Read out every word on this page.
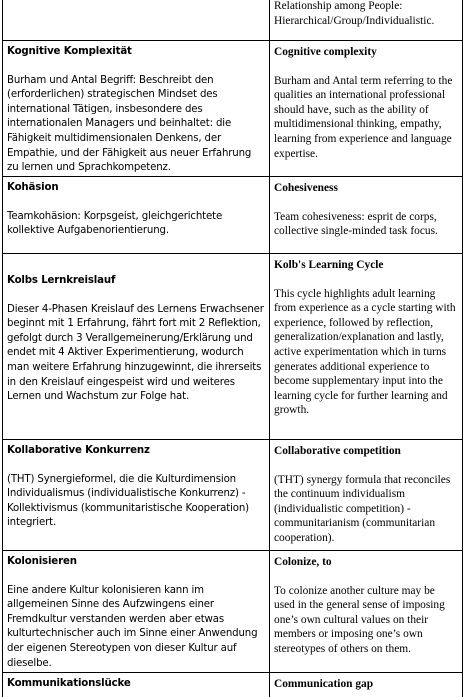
Relationship among People:
Hierarchical/Group/Individualistic.
Kognitive Komplexität
Burham und Antal Begriff: Beschreibt den (erforderlichen) strategischen Mindset des international Tätigen, insbesondere des internationalen Managers und beinhaltet: die Fähigkeit multidimensionalen Denkens, der Empathie, und der Fähigkeit aus neuer Erfahrung zu lernen und Sprachkompetenz.
Cognitive complexity
Burham and Antal term referring to the qualities an international professional should have, such as the ability of multidimensional thinking, empathy, learning from experience and language expertise.
Kohäsion
Teamkohäsion: Korpsgeist, gleichgerichtete kollektive Aufgabenorientierung.
Cohesiveness
Team cohesiveness: esprit de corps, collective single-minded task focus.
Kolbs Lernkreislauf
Dieser 4-Phasen Kreislauf des Lernens Erwachsener beginnt mit 1 Erfahrung, fährt fort mit 2 Reflektion, gefolgt durch 3 Verallgemeinerung/Erklärung und endet mit 4 Aktiver Experimentierung, wodurch man weitere Erfahrung hinzugewinnt, die ihrerseits in den Kreislauf eingespeist wird und weiteres Lernen und Wachstum zur Folge hat.
Kolb's Learning Cycle
This cycle highlights adult learning from experience as a cycle starting with experience, followed by reflection, generalization/explanation and lastly, active experimentation which in turns generates additional experience to become supplementary input into the learning cycle for further learning and growth.
Kollaborative Konkurrenz
(THT) Synergieformel, die die Kulturdimension Individualismus (individualistische Konkurrenz) - Kollektivismus (kommunitaristische Kooperation) integriert.
Collaborative competition
(THT) synergy formula that reconciles the continuum individualism (individualistic competition) - communitarianism (communitarian cooperation).
Kolonisieren
Eine andere Kultur kolonisieren kann im allgemeinen Sinne des Aufzwingens einer Fremdkultur verstanden werden aber etwas kulturtechnischer auch im Sinne einer Anwendung der eigenen Stereotypen von dieser Kultur auf dieselbe.
Colonize, to
To colonize another culture may be used in the general sense of imposing one’s own cultural values on their members or imposing one’s own stereotypes of others on them.
Kommunikationslücke	Communication gap
